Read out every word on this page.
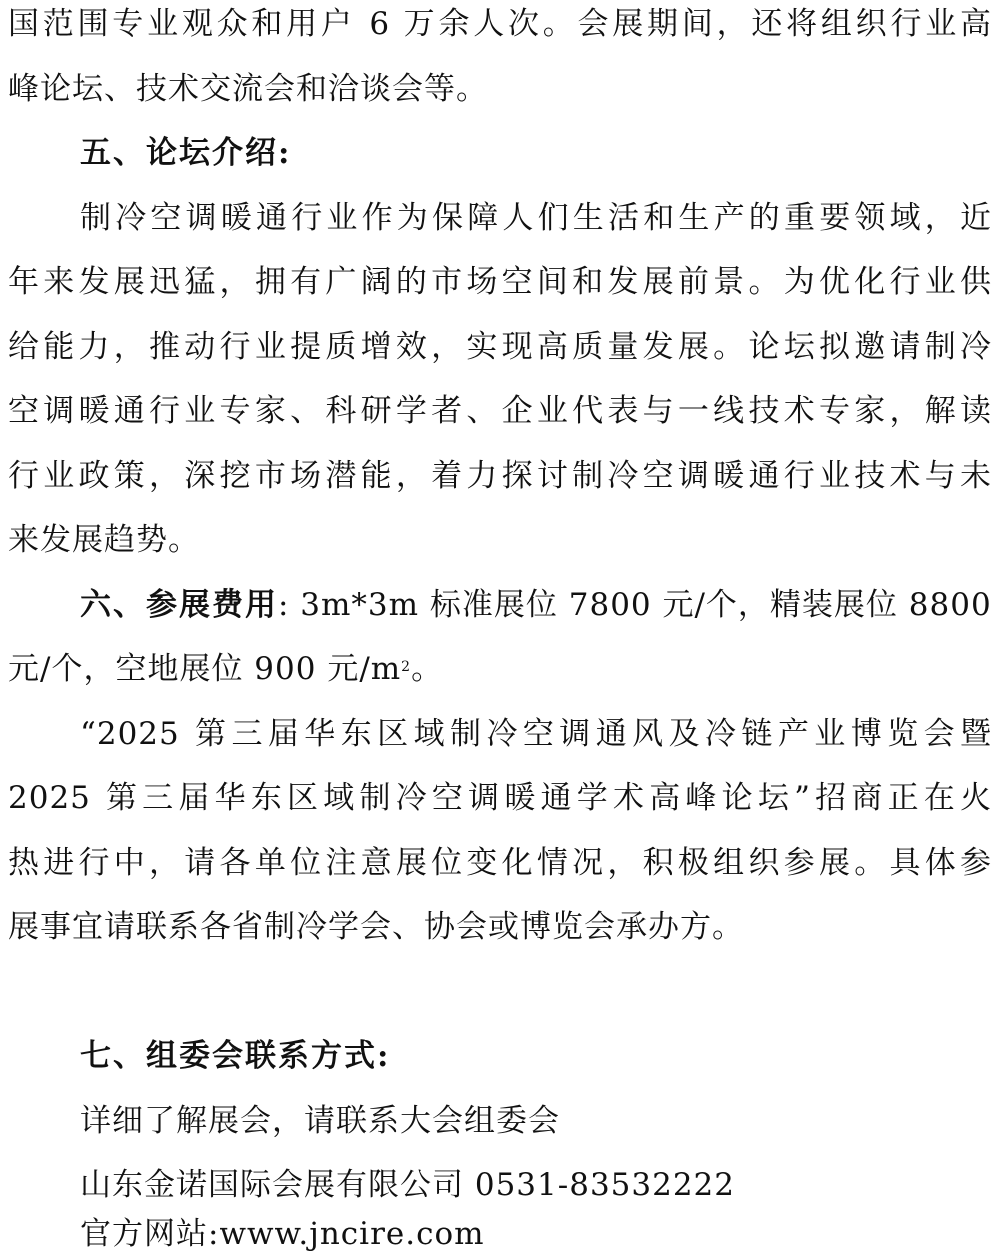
国范围专业观众和用户 6 万余人次。会展期间，还将组织行业高
峰论坛、技术交流会和洽谈会等。
五、论坛介绍:
制冷空调暖通行业作为保障人们生活和生产的重要领域，近
年来发展迅猛，拥有广阔的市场空间和发展前景。为优化行业供
给能力，推动行业提质增效，实现高质量发展。论坛拟邀请制冷
空调暖通行业专家、科研学者、企业代表与一线技术专家，解读
行业政策，深挖市场潜能，着力探讨制冷空调暖通行业技术与未
来发展趋势。
六、参展费用: 3m*3m 标准展位 7800 元/个，精装展位 8800
元/个，空地展位 900 元$/m^2$。
“2025 第三届华东区域制冷空调通风及冷链产业博览会暨
2025 第三届华东区域制冷空调暖通学术高峰论坛”招商正在火
热进行中，请各单位注意展位变化情况，积极组织参展。具体参
展事宜请联系各省制冷学会、协会或博览会承办方。
七、组委会联系方式:
详细了解展会，请联系大会组委会
山东金诺国际会展有限公司 0531-83532222
官方网站:www.jncire.com
